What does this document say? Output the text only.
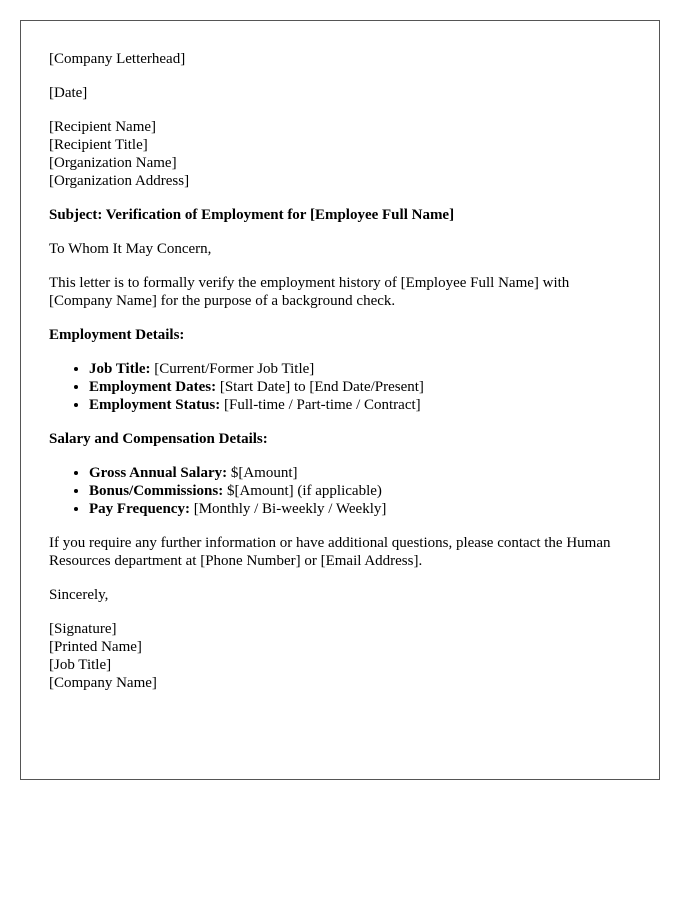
[Company Letterhead]

[Date]

[Recipient Name]
[Recipient Title]
[Organization Name]
[Organization Address]

Subject: Verification of Employment for [Employee Full Name]

To Whom It May Concern,

This letter is to formally verify the employment history of [Employee Full Name] with [Company Name] for the purpose of a background check.

Employment Details:

• Job Title: [Current/Former Job Title]
• Employment Dates: [Start Date] to [End Date/Present]
• Employment Status: [Full-time / Part-time / Contract]

Salary and Compensation Details:

• Gross Annual Salary: $[Amount]
• Bonus/Commissions: $[Amount] (if applicable)
• Pay Frequency: [Monthly / Bi-weekly / Weekly]

If you require any further information or have additional questions, please contact the Human Resources department at [Phone Number] or [Email Address].

Sincerely,

[Signature]
[Printed Name]
[Job Title]
[Company Name]
